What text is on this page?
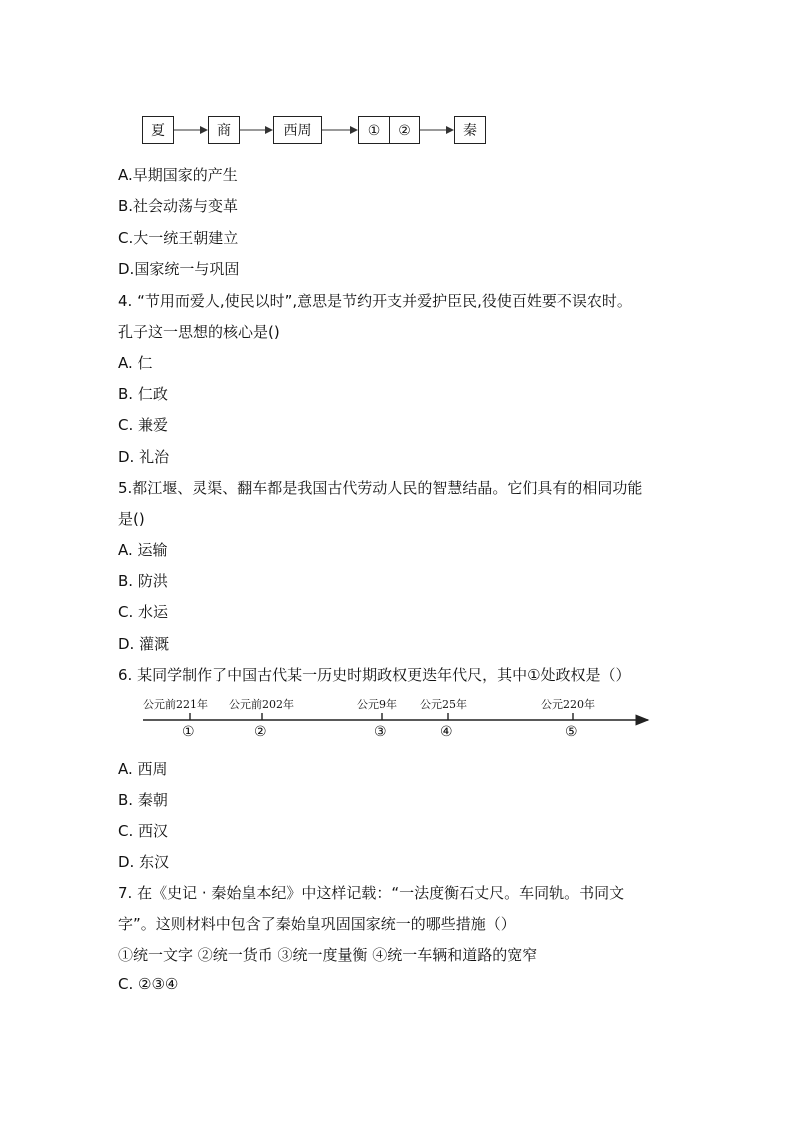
夏	商	西周	①	②	秦
A.早期国家的产生
B.社会动荡与变革
C.大一统王朝建立
D.国家统一与巩固
4. “节用而爱人,使民以时”,意思是节约开支并爱护臣民,役使百姓要不误农时。
孔子这一思想的核心是()
A. 仁
B. 仁政
C. 兼爱
D. 礼治
5.都江堰、灵渠、翻车都是我国古代劳动人民的智慧结晶。它们具有的相同功能
是()
A. 运输
B. 防洪
C. 水运
D. 灌溉
6. 某同学制作了中国古代某一历史时期政权更迭年代尺，其中①处政权是（）
公元前221年 公元前202年	公元9年 公元25年	公元220年
①	②	③	④	⑤
A. 西周
B. 秦朝
C. 西汉
D. 东汉
7. 在《史记 · 秦始皇本纪》中这样记载：“一法度衡石丈尺。车同轨。书同文
字”。这则材料中包含了秦始皇巩固国家统一的哪些措施（）
①统一文字 ②统一货币 ③统一度量衡 ④统一车辆和道路的宽窄
C. ②③④
